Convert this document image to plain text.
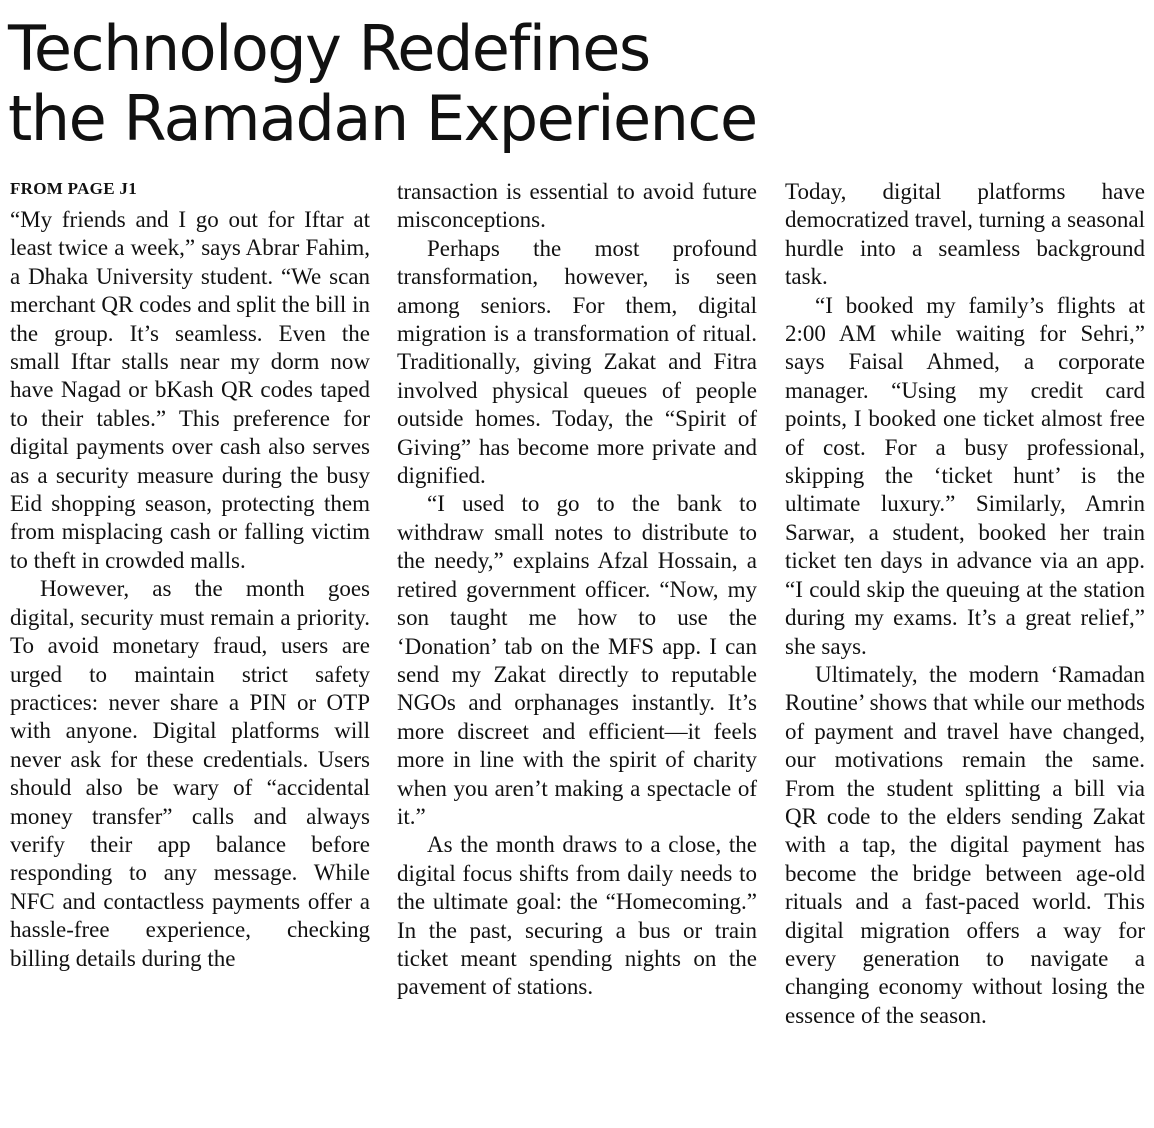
Technology Redefines
the Ramadan Experience
FROM PAGE J1

“My friends and I go out for Iftar at least twice a week,” says Abrar Fahim, a Dhaka University student. “We scan merchant QR codes and split the bill in the group. It’s seamless. Even the small Iftar stalls near my dorm now have Nagad or bKash QR codes taped to their tables.” This preference for digital payments over cash also serves as a security measure during the busy Eid shopping season, protecting them from misplacing cash or falling victim to theft in crowded malls.

However, as the month goes digital, security must remain a priority. To avoid monetary fraud, users are urged to maintain strict safety practices: never share a PIN or OTP with anyone. Digital platforms will never ask for these credentials. Users should also be wary of “accidental money transfer” calls and always verify their app balance before responding to any message. While NFC and contactless payments offer a hassle-free experience, checking billing details during the

transaction is essential to avoid future misconceptions.

Perhaps the most profound transformation, however, is seen among seniors. For them, digital migration is a transformation of ritual. Traditionally, giving Zakat and Fitra involved physical queues of people outside homes. Today, the “Spirit of Giving” has become more private and dignified.

“I used to go to the bank to withdraw small notes to distribute to the needy,” explains Afzal Hossain, a retired government officer. “Now, my son taught me how to use the ‘Donation’ tab on the MFS app. I can send my Zakat directly to reputable NGOs and orphanages instantly. It’s more discreet and efficient—it feels more in line with the spirit of charity when you aren’t making a spectacle of it.”

As the month draws to a close, the digital focus shifts from daily needs to the ultimate goal: the “Homecoming.” In the past, securing a bus or train ticket meant spending nights on the pavement of stations.

Today, digital platforms have democratized travel, turning a seasonal hurdle into a seamless background task.

“I booked my family’s flights at 2:00 AM while waiting for Sehri,” says Faisal Ahmed, a corporate manager. “Using my credit card points, I booked one ticket almost free of cost. For a busy professional, skipping the ‘ticket hunt’ is the ultimate luxury.” Similarly, Amrin Sarwar, a student, booked her train ticket ten days in advance via an app. “I could skip the queuing at the station during my exams. It’s a great relief,” she says.

Ultimately, the modern ‘Ramadan Routine’ shows that while our methods of payment and travel have changed, our motivations remain the same. From the student splitting a bill via QR code to the elders sending Zakat with a tap, the digital payment has become the bridge between age-old rituals and a fast-paced world. This digital migration offers a way for every generation to navigate a changing economy without losing the essence of the season.
